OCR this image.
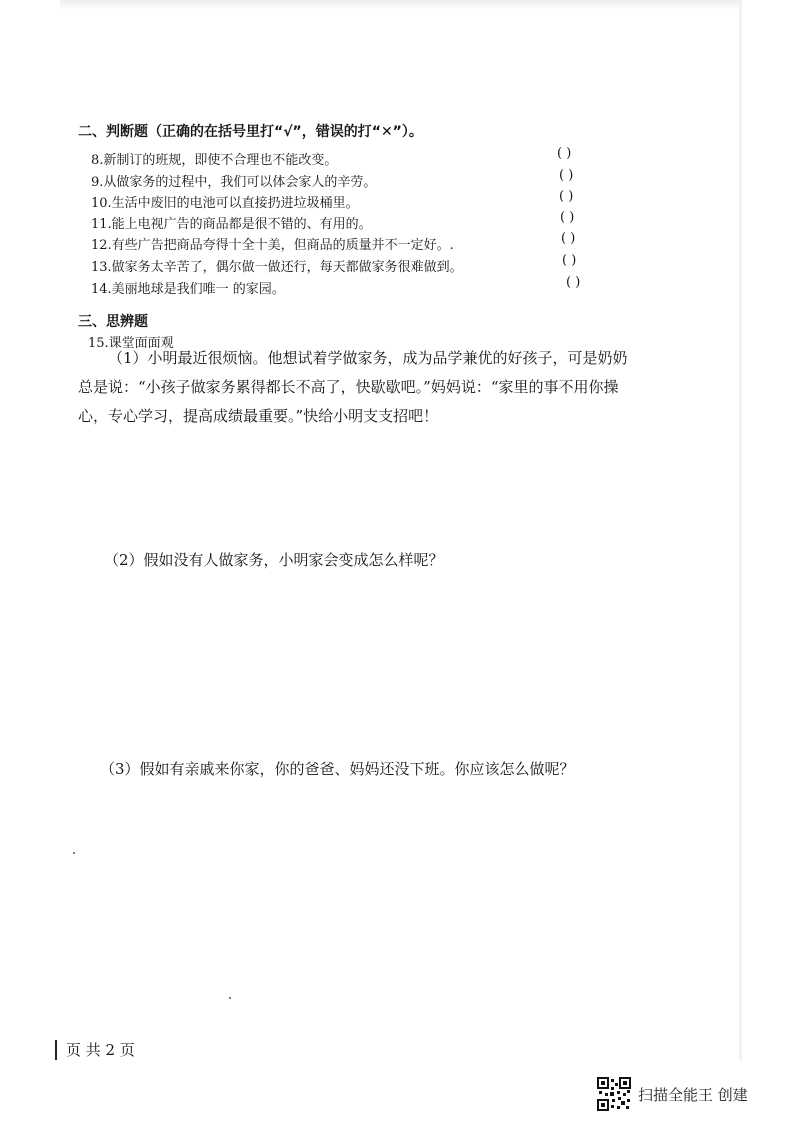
二、判断题（正确的在括号里打“√”，错误的打“✕”）。
8.新制订的班规，即使不合理也不能改变。	( )
9.从做家务的过程中，我们可以体会家人的辛劳。	( )
10.生活中废旧的电池可以直接扔进垃圾桶里。	( )
11.能上电视广告的商品都是很不错的、有用的。	( )
12.有些广告把商品夸得十全十美，但商品的质量并不一定好。.	( )
13.做家务太辛苦了，偶尔做一做还行，每天都做家务很难做到。	( )
14.美丽地球是我们唯一 的家园。	( )
三、思辨题
15.课堂面面观
（1）小明最近很烦恼。他想试着学做家务，成为品学兼优的好孩子，可是奶奶总是说：“小孩子做家务累得都长不高了，快歇歇吧。”妈妈说：“家里的事不用你操心，专心学习，提高成绩最重要。”快给小明支支招吧！
（2）假如没有人做家务，小明家会变成怎么样呢？
（3）假如有亲戚来你家，你的爸爸、妈妈还没下班。你应该怎么做呢？
页 共 2 页
扫描全能王 创建
